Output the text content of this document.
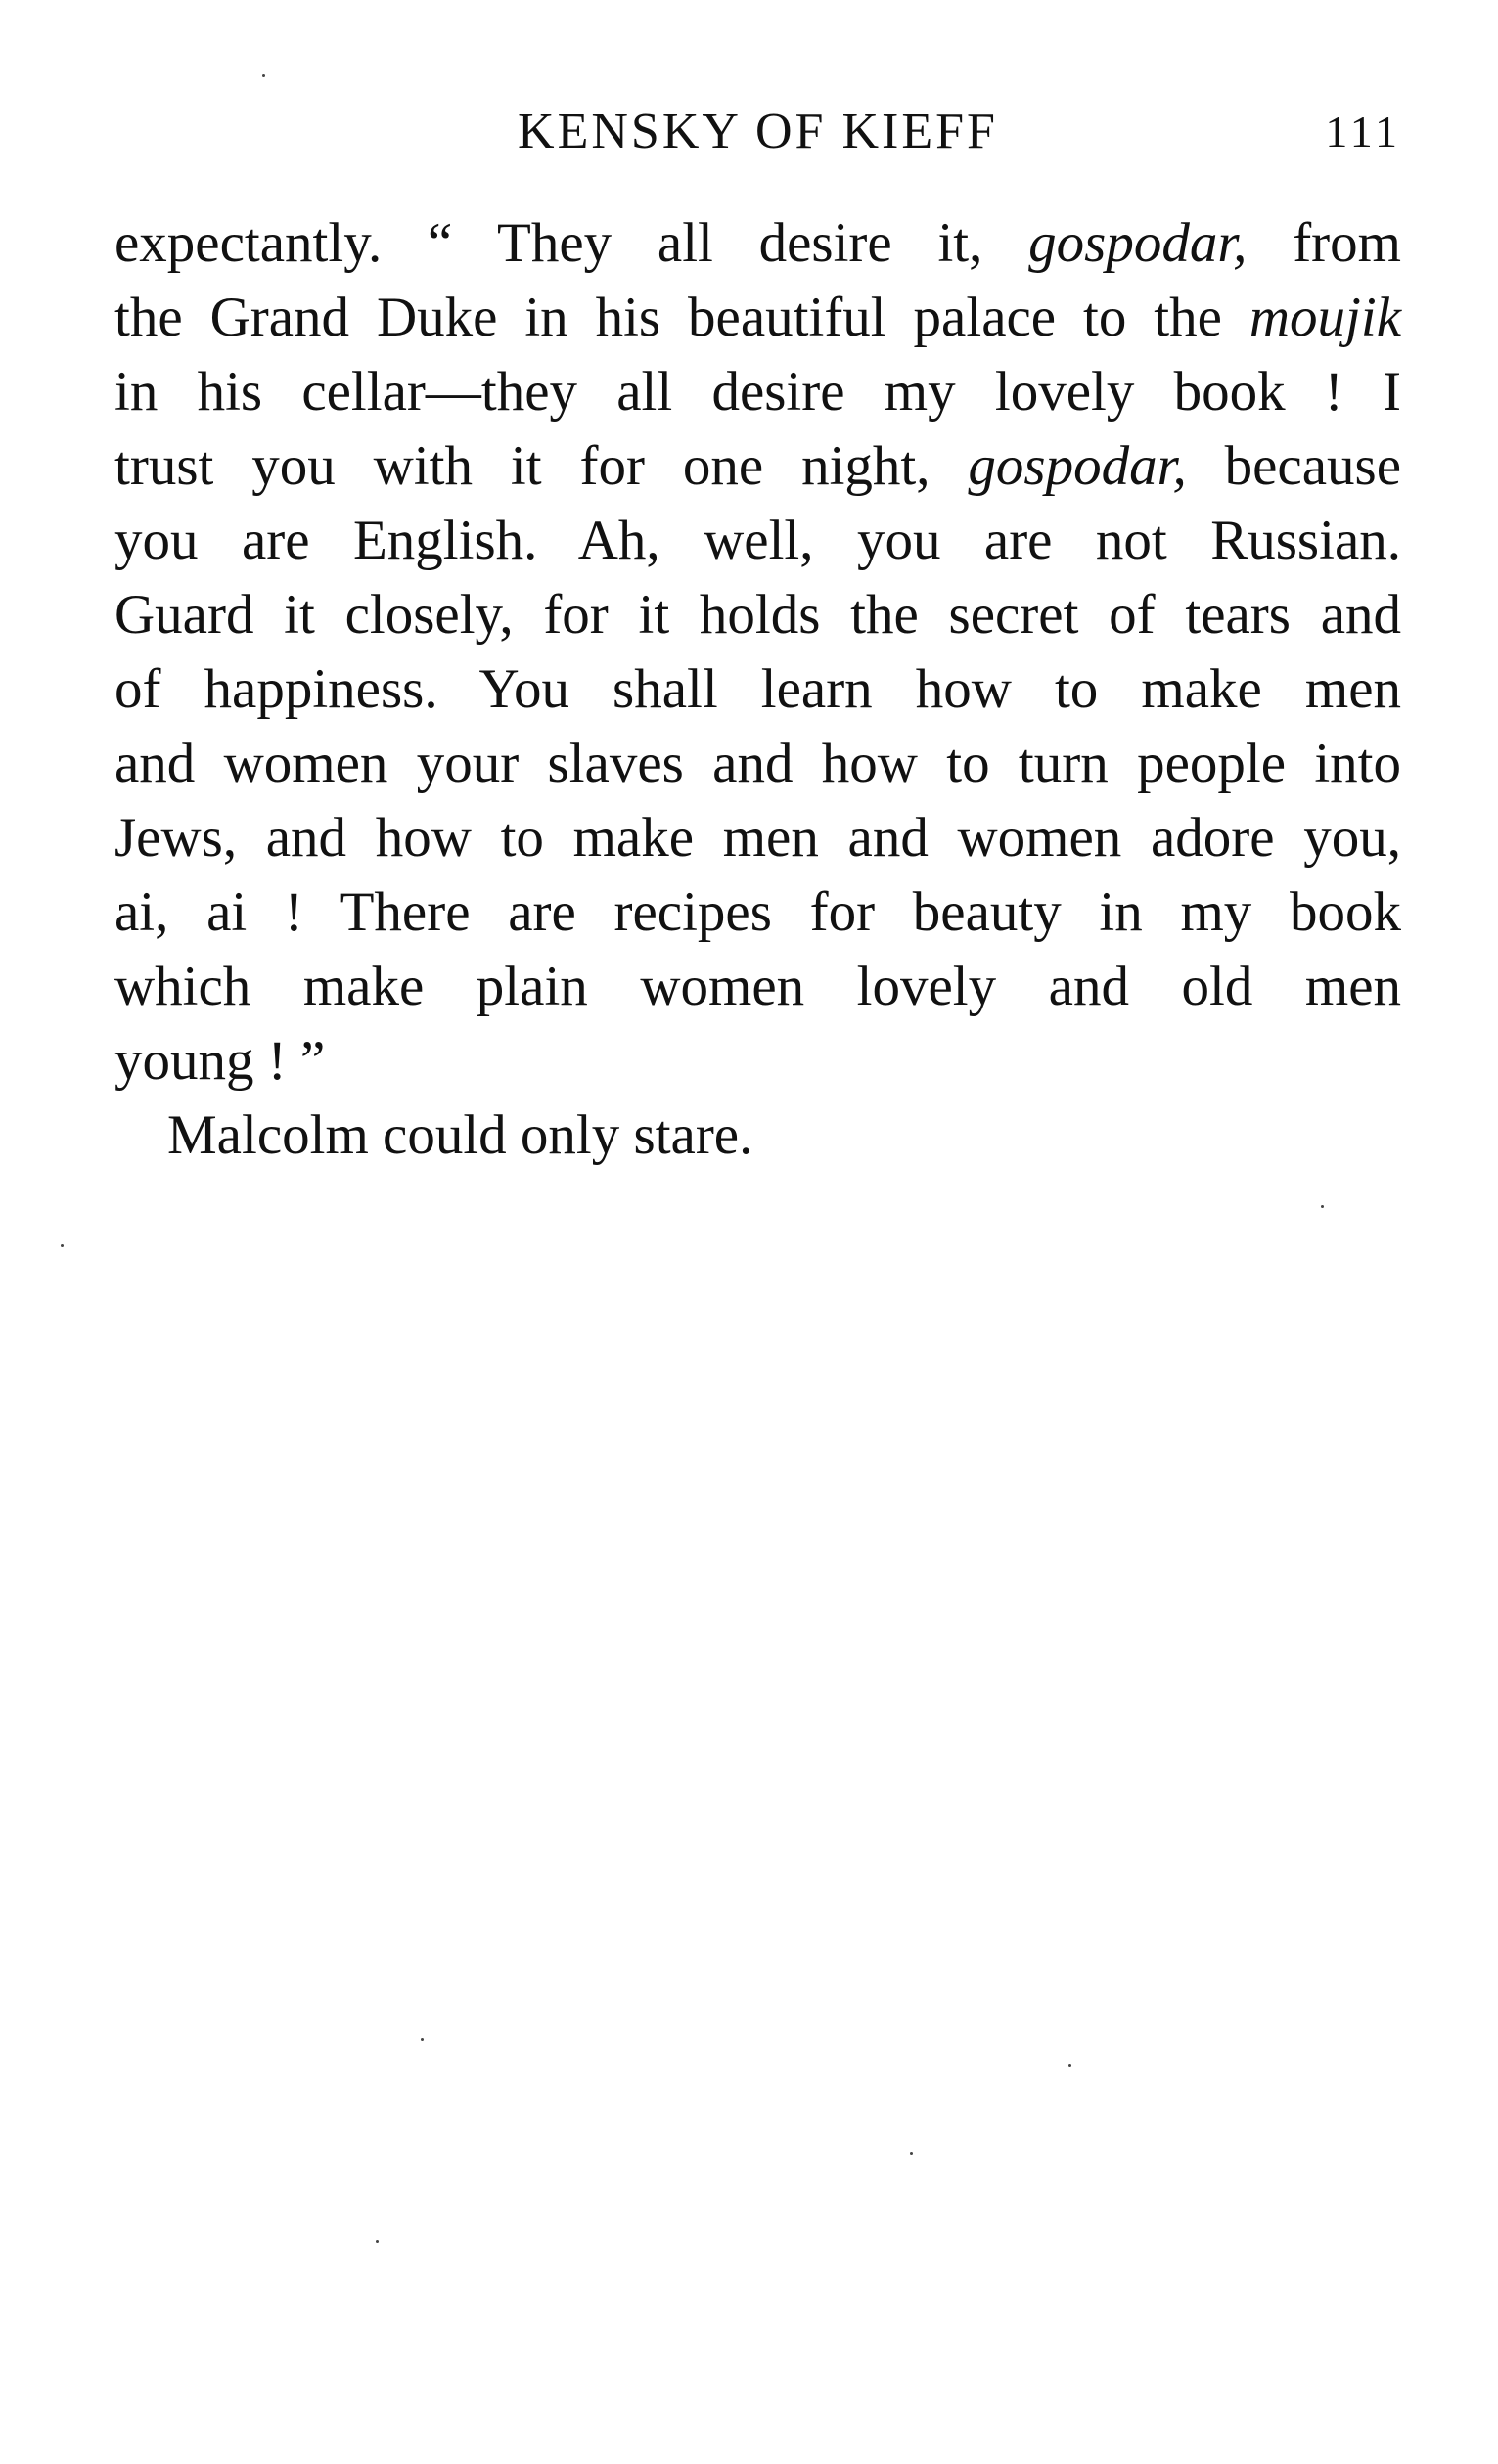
KENSKY OF KIEFF	111
expectantly. “ They all desire it, gospodar, from
the Grand Duke in his beautiful palace to the moujik
in his cellar—they all desire my lovely book ! I
trust you with it for one night, gospodar, because
you are English. Ah, well, you are not Russian.
Guard it closely, for it holds the secret of tears and
of happiness. You shall learn how to make men
and women your slaves and how to turn people into
Jews, and how to make men and women adore you,
ai, ai ! There are recipes for beauty in my book
which make plain women lovely and old men
young ! ”
Malcolm could only stare.
